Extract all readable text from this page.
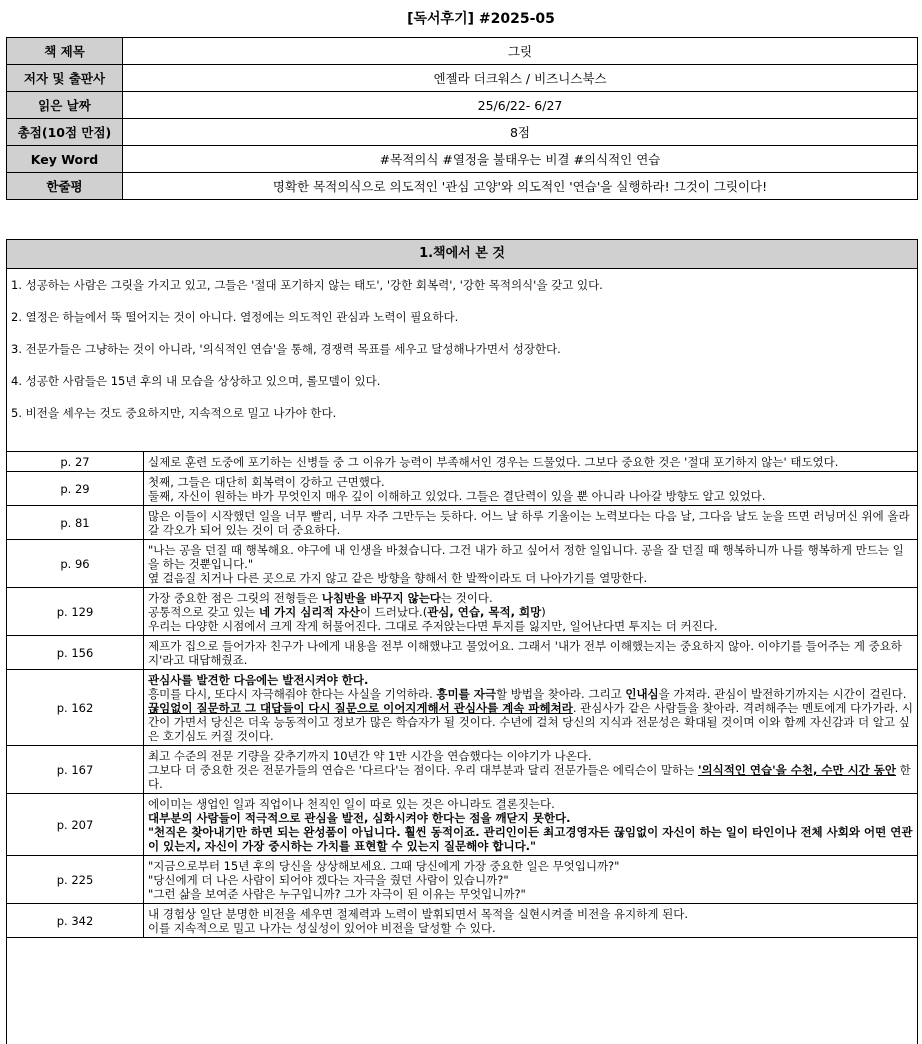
[독서후기] #2025-05
책 제목	그릿
저자 및 출판사	엔젤라 더크워스 / 비즈니스북스
읽은 날짜	25/6/22- 6/27
총점(10점 만점)	8점
Key Word	#목적의식 #열정을 불태우는 비결 #의식적인 연습
한줄평	명확한 목적의식으로 의도적인 '관심 고양'와 의도적인 '연습'을 실행하라! 그것이 그릿이다!
1.책에서 본 것
1. 성공하는 사람은 그릿을 가지고 있고, 그들은 '절대 포기하지 않는 태도', '강한 회복력', '강한 목적의식'을 갖고 있다.
2. 열정은 하늘에서 뚝 떨어지는 것이 아니다. 열정에는 의도적인 관심과 노력이 필요하다.
3. 전문가들은 그냥하는 것이 아니라, '의식적인 연습'을 통해, 경쟁력 목표를 세우고 달성해나가면서 성장한다.
4. 성공한 사람들은 15년 후의 내 모습을 상상하고 있으며, 롤모델이 있다.
5. 비전을 세우는 것도 중요하지만, 지속적으로 밀고 나가야 한다.
p. 27	실제로 훈련 도중에 포기하는 신병들 중 그 이유가 능력이 부족해서인 경우는 드물었다. 그보다 중요한 것은 '절대 포기하지 않는' 태도였다.

p. 29	첫째, 그들은 대단히 회복력이 강하고 근면했다.
둘째, 자신이 원하는 바가 무엇인지 매우 깊이 이해하고 있었다. 그들은 결단력이 있을 뿐 아니라 나아갈 방향도 알고 있었다.

p. 81	많은 이들이 시작했던 일을 너무 빨리, 너무 자주 그만두는 듯하다. 어느 날 하루 기울이는 노력보다는 다음 날, 그다음 날도 눈을 뜨면 러닝머신 위에 올라갈 각오가 되어 있는 것이 더 중요하다.

p. 96	"나는 공을 던질 때 행복해요. 야구에 내 인생을 바쳤습니다. 그건 내가 하고 싶어서 정한 일입니다. 공을 잘 던질 때 행복하니까 나를 행복하게 만드는 일을 하는 것뿐입니다."
옆 걸음질 치거나 다른 곳으로 가지 않고 같은 방향을 향해서 한 발짝이라도 더 나아가기를 열망한다.

p. 129	가장 중요한 점은 그릿의 전형들은 나침반을 바꾸지 않는다는 것이다.
공통적으로 갖고 있는 네 가지 심리적 자산이 드러났다.(관심, 연습, 목적, 희망)
우리는 다양한 시점에서 크게 작게 허물어진다. 그대로 주저앉는다면 투지를 잃지만, 일어난다면 투지는 더 커진다.

p. 156	제프가 집으로 들어가자 친구가 나에게 내용을 전부 이해했냐고 물었어요. 그래서 '내가 전부 이해했는지는 중요하지 않아. 이야기를 들어주는 게 중요하지'라고 대답해줬죠.

p. 162	관심사를 발견한 다음에는 발전시켜야 한다.
흥미를 다시, 또다시 자극해줘야 한다는 사실을 기억하라. 흥미를 자극할 방법을 찾아라. 그리고 인내심을 가져라. 관심이 발전하기까지는 시간이 걸린다. 끊임없이 질문하고 그 대답들이 다시 질문으로 이어지게해서 관심사를 계속 파헤쳐라. 관심사가 같은 사람들을 찾아라. 격려해주는 멘토에게 다가가라. 시간이 가면서 당신은 더욱 능동적이고 정보가 많은 학습자가 될 것이다. 수년에 걸쳐 당신의 지식과 전문성은 확대될 것이며 이와 함께 자신감과 더 알고 싶은 호기심도 커질 것이다.

p. 167	최고 수준의 전문 기량을 갖추기까지 10년간 약 1만 시간을 연습했다는 이야기가 나온다.
그보다 더 중요한 것은 전문가들의 연습은 '다르다'는 점이다. 우리 대부분과 달리 전문가들은 에릭슨이 말하는 '의식적인 연습'을 수천, 수만 시간 동안 한다.

p. 207	에이미는 생업인 일과 직업이나 천직인 일이 따로 있는 것은 아니라도 결론짓는다.
대부분의 사람들이 적극적으로 관심을 발전, 심화시켜야 한다는 점을 깨닫지 못한다.
"천직은 찾아내기만 하면 되는 완성품이 아닙니다. 훨씬 동적이죠. 관리인이든 최고경영자든 끊임없이 자신이 하는 일이 타인이나 전체 사회와 어떤 연관이 있는지, 자신이 가장 중시하는 가치를 표현할 수 있는지 질문해야 합니다."

p. 225	"지금으로부터 15년 후의 당신을 상상해보세요. 그때 당신에게 가장 중요한 일은 무엇입니까?"
"당신에게 더 나은 사람이 되어야 겠다는 자극을 줬던 사람이 있습니까?"
"그런 삶을 보여준 사람은 누구입니까? 그가 자극이 된 이유는 무엇입니까?"

p. 342	내 경험상 일단 분명한 비전을 세우면 절제력과 노력이 발휘되면서 목적을 실현시켜줄 비전을 유지하게 된다.
이를 지속적으로 밀고 나가는 성실성이 있어야 비전을 달성할 수 있다.
